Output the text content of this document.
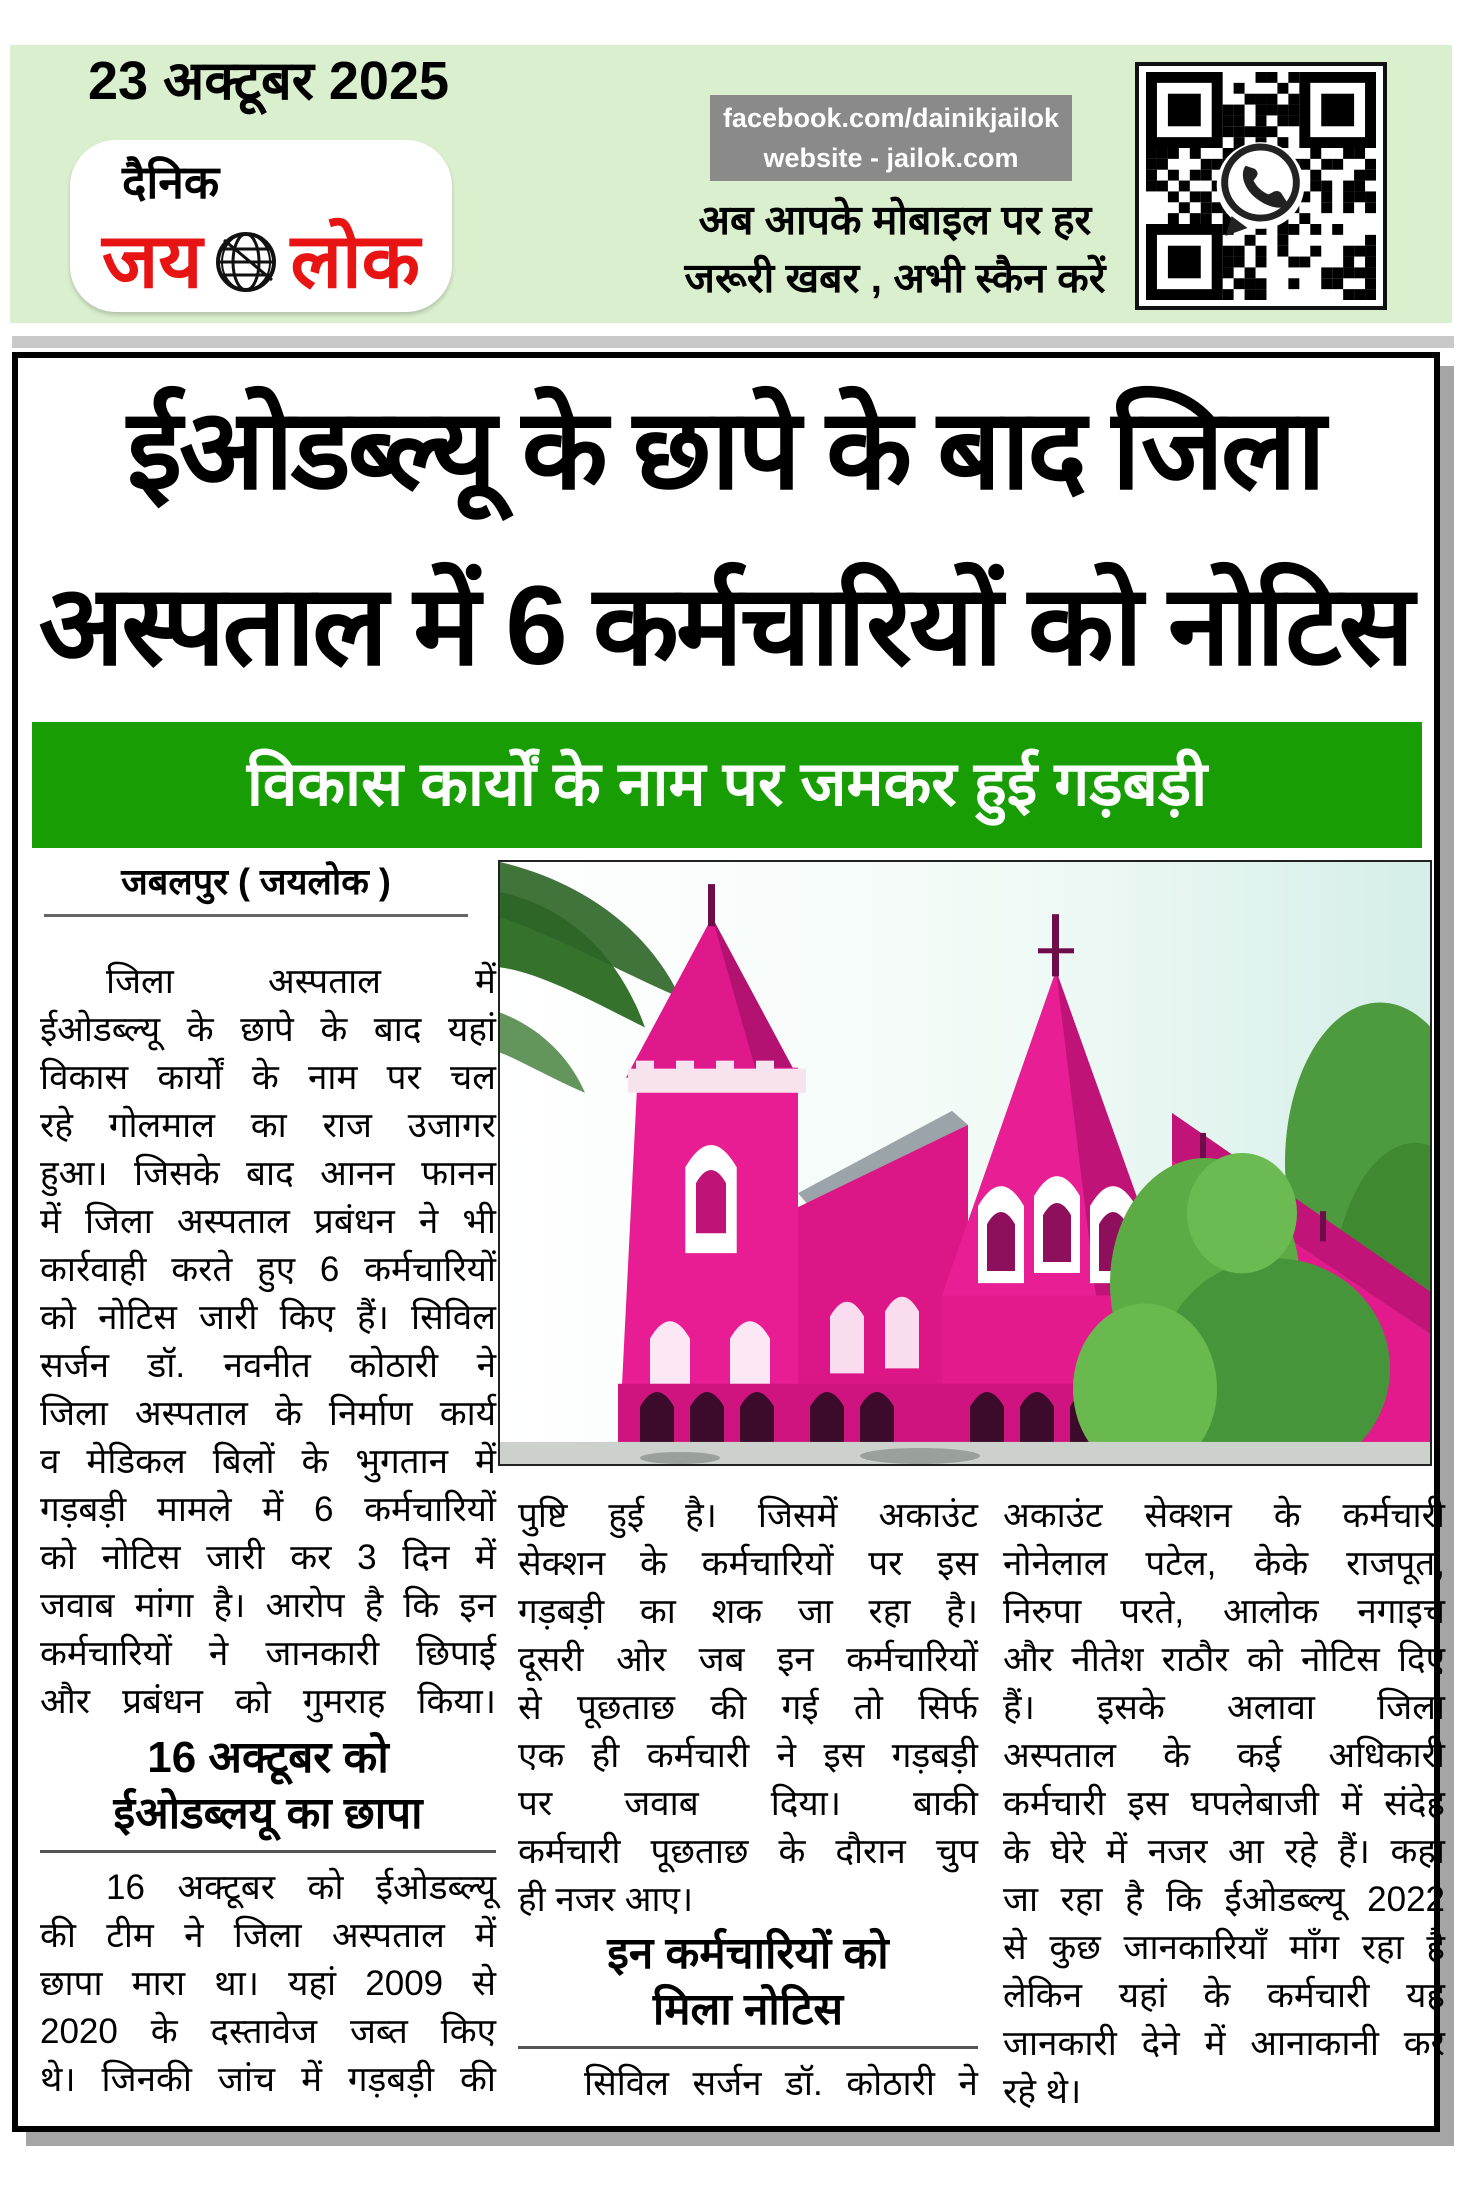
23 अक्टूबर 2025
दैनिक
जय लोक
facebook.com/dainikjailok
website - jailok.com
अब आपके मोबाइल पर हर
जरूरी खबर , अभी स्कैन करें
ईओडब्ल्यू के छापे के बाद जिला
अस्पताल में 6 कर्मचारियों को नोटिस
विकास कार्यों के नाम पर जमकर हुई गड़बड़ी
जबलपुर ( जयलोक )
जिला अस्पताल में
ईओडब्ल्यू के छापे के बाद यहां
विकास कार्यों के नाम पर चल
रहे गोलमाल का राज उजागर
हुआ। जिसके बाद आनन फानन
में जिला अस्पताल प्रबंधन ने भी
कार्रवाही करते हुए 6 कर्मचारियों
को नोटिस जारी किए हैं। सिविल
सर्जन डॉ. नवनीत कोठारी ने
जिला अस्पताल के निर्माण कार्य
व मेडिकल बिलों के भुगतान में
गड़बड़ी मामले में 6 कर्मचारियों
को नोटिस जारी कर 3 दिन में
जवाब मांगा है। आरोप है कि इन
कर्मचारियों ने जानकारी छिपाई
और प्रबंधन को गुमराह किया।
16 अक्टूबर को
ईओडब्लयू का छापा
16 अक्टूबर को ईओडब्ल्यू
की टीम ने जिला अस्पताल में
छापा मारा था। यहां 2009 से
2020 के दस्तावेज जब्त किए
थे। जिनकी जांच में गड़बड़ी की
पुष्टि हुई है। जिसमें अकाउंट
सेक्शन के कर्मचारियों पर इस
गड़बड़ी का शक जा रहा है।
दूसरी ओर जब इन कर्मचारियों
से पूछताछ की गई तो सिर्फ
एक ही कर्मचारी ने इस गड़बड़ी
पर जवाब दिया। बाकी
कर्मचारी पूछताछ के दौरान चुप
ही नजर आए।
इन कर्मचारियों को
मिला नोटिस
सिविल सर्जन डॉ. कोठारी ने
अकाउंट सेक्शन के कर्मचारी
नोनेलाल पटेल, केके राजपूत,
निरुपा परते, आलोक नगाइच
और नीतेश राठौर को नोटिस दिए
हैं। इसके अलावा जिला
अस्पताल के कई अधिकारी
कर्मचारी इस घपलेबाजी में संदेह
के घेरे में नजर आ रहे हैं। कहा
जा रहा है कि ईओडब्ल्यू 2022
से कुछ जानकारियाँ माँग रहा है
लेकिन यहां के कर्मचारी यह
जानकारी देने में आनाकानी कर
रहे थे।
